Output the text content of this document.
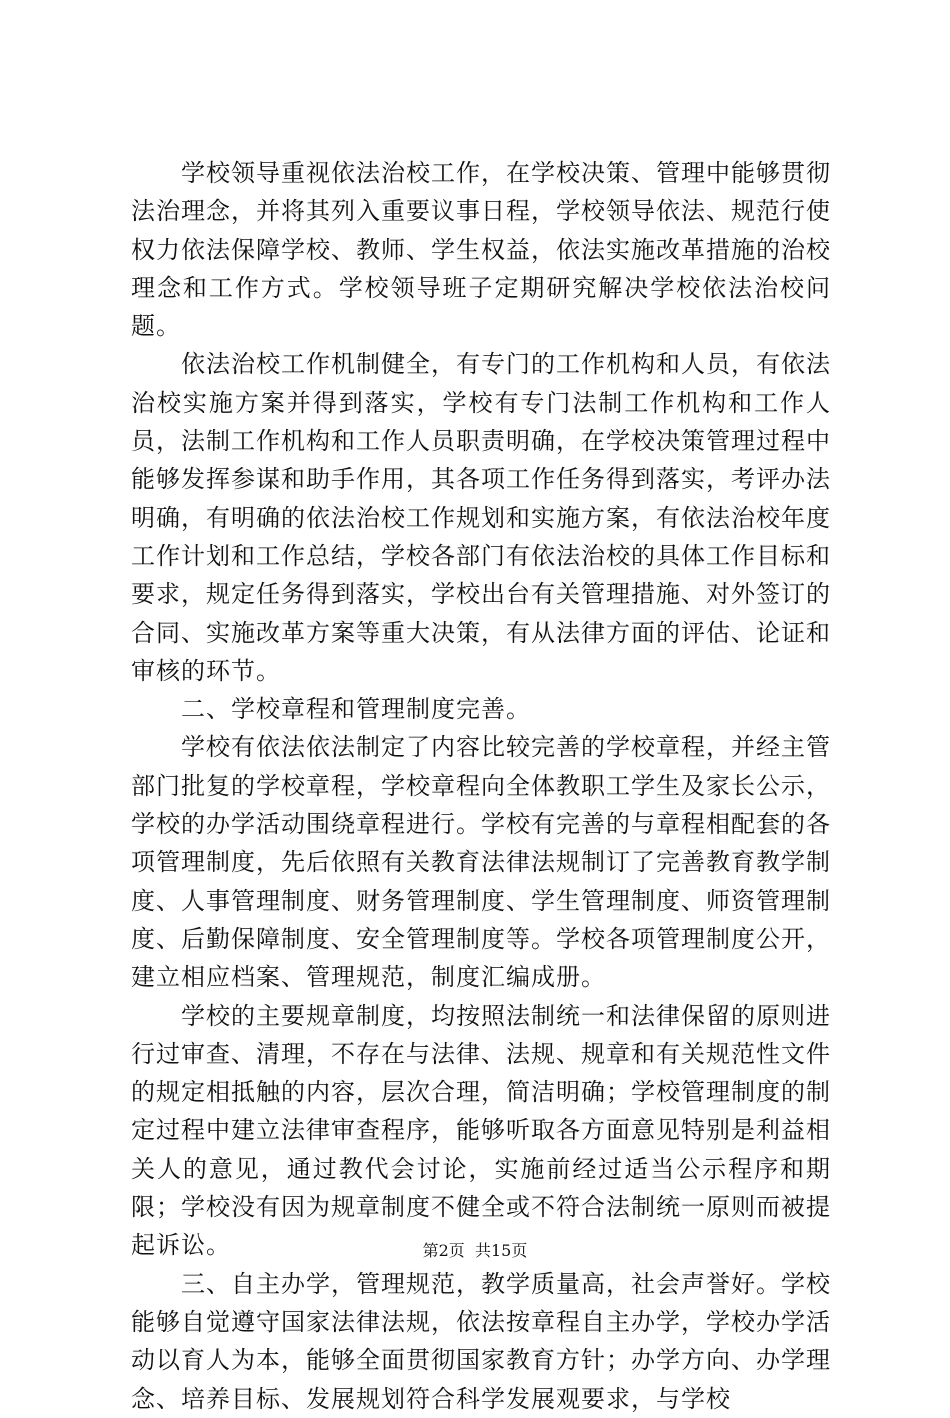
学校领导重视依法治校工作，在学校决策、管理中能够贯彻法治理念，并将其列入重要议事日程，学校领导依法、规范行使权力依法保障学校、教师、学生权益，依法实施改革措施的治校理念和工作方式。学校领导班子定期研究解决学校依法治校问题。

依法治校工作机制健全，有专门的工作机构和人员，有依法治校实施方案并得到落实，学校有专门法制工作机构和工作人员，法制工作机构和工作人员职责明确，在学校决策管理过程中能够发挥参谋和助手作用，其各项工作任务得到落实，考评办法明确，有明确的依法治校工作规划和实施方案，有依法治校年度工作计划和工作总结，学校各部门有依法治校的具体工作目标和要求，规定任务得到落实，学校出台有关管理措施、对外签订的合同、实施改革方案等重大决策，有从法律方面的评估、论证和审核的环节。

二、学校章程和管理制度完善。

学校有依法依法制定了内容比较完善的学校章程，并经主管部门批复的学校章程，学校章程向全体教职工学生及家长公示，学校的办学活动围绕章程进行。学校有完善的与章程相配套的各项管理制度，先后依照有关教育法律法规制订了完善教育教学制度、人事管理制度、财务管理制度、学生管理制度、师资管理制度、后勤保障制度、安全管理制度等。学校各项管理制度公开，建立相应档案、管理规范，制度汇编成册。

学校的主要规章制度，均按照法制统一和法律保留的原则进行过审查、清理，不存在与法律、法规、规章和有关规范性文件的规定相抵触的内容，层次合理，简洁明确；学校管理制度的制定过程中建立法律审查程序，能够听取各方面意见特别是利益相关人的意见，通过教代会讨论，实施前经过适当公示程序和期限；学校没有因为规章制度不健全或不符合法制统一原则而被提起诉讼。

三、自主办学，管理规范，教学质量高，社会声誉好。学校能够自觉遵守国家法律法规，依法按章程自主办学，学校办学活动以育人为本，能够全面贯彻国家教育方针；办学方向、办学理念、培养目标、发展规划符合科学发展观要求，与学校

第2页 共15页
